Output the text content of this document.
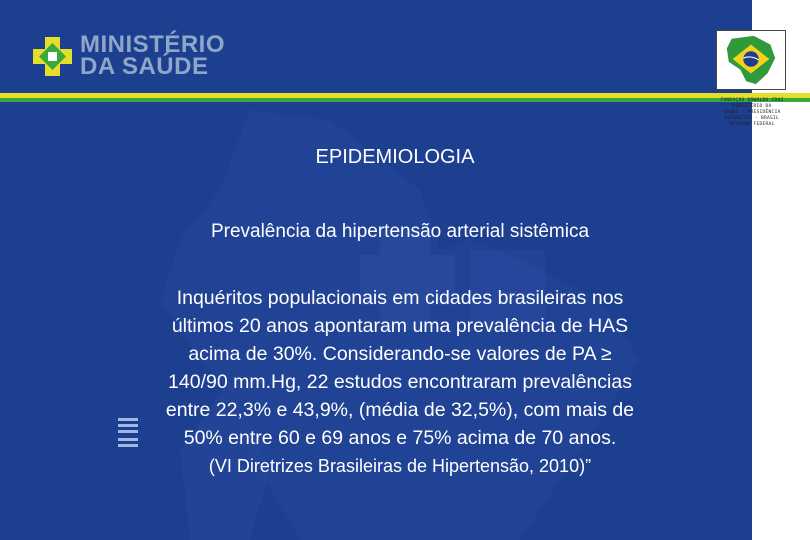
MINISTÉRIO
DA SAÚDE
FUNDAÇÃO OSWALDO CRUZ
MINISTÉRIO DA
SAÚDE · PRESIDÊNCIA
REPÚBLICA · BRASIL
GOVERNO FEDERAL
EPIDEMIOLOGIA
Prevalência da hipertensão arterial sistêmica
Inquéritos populacionais em cidades brasileiras nos
últimos 20 anos apontaram uma prevalência de HAS
acima de 30%. Considerando-se valores de PA ≥
140/90 mm.Hg, 22 estudos encontraram prevalências
entre 22,3% e 43,9%, (média de 32,5%), com mais de
50% entre 60 e 69 anos e 75% acima de 70 anos.
(VI Diretrizes Brasileiras de Hipertensão, 2010)”
